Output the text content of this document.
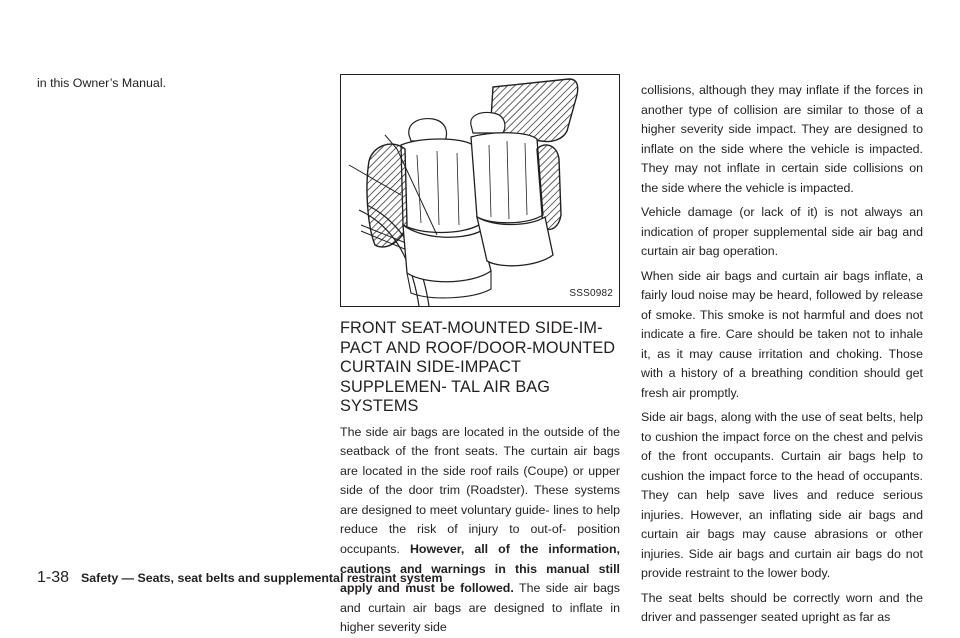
in this Owner’s Manual.

SSS0982
FRONT SEAT-MOUNTED SIDE-IM- PACT AND ROOF/DOOR-MOUNTED CURTAIN SIDE-IMPACT SUPPLEMEN- TAL AIR BAG SYSTEMS
The side air bags are located in the outside of the seatback of the front seats. The curtain air bags are located in the side roof rails (Coupe) or upper side of the door trim (Roadster). These systems are designed to meet voluntary guide- lines to help reduce the risk of injury to out-of- position occupants. However, all of the information, cautions and warnings in this manual still apply and must be followed. The side air bags and curtain air bags are designed to inflate in higher severity side

collisions, although they may inflate if the forces in another type of collision are similar to those of a higher severity side impact. They are designed to inflate on the side where the vehicle is impacted. They may not inflate in certain side collisions on the side where the vehicle is impacted.

Vehicle damage (or lack of it) is not always an indication of proper supplemental side air bag and curtain air bag operation.

When side air bags and curtain air bags inflate, a fairly loud noise may be heard, followed by release of smoke. This smoke is not harmful and does not indicate a fire. Care should be taken not to inhale it, as it may cause irritation and choking. Those with a history of a breathing condition should get fresh air promptly.

Side air bags, along with the use of seat belts, help to cushion the impact force on the chest and pelvis of the front occupants. Curtain air bags help to cushion the impact force to the head of occupants. They can help save lives and reduce serious injuries. However, an inflating side air bags and curtain air bags may cause abrasions or other injuries. Side air bags and curtain air bags do not provide restraint to the lower body.

The seat belts should be correctly worn and the driver and passenger seated upright as far as

1-38 Safety — Seats, seat belts and supplemental restraint system
